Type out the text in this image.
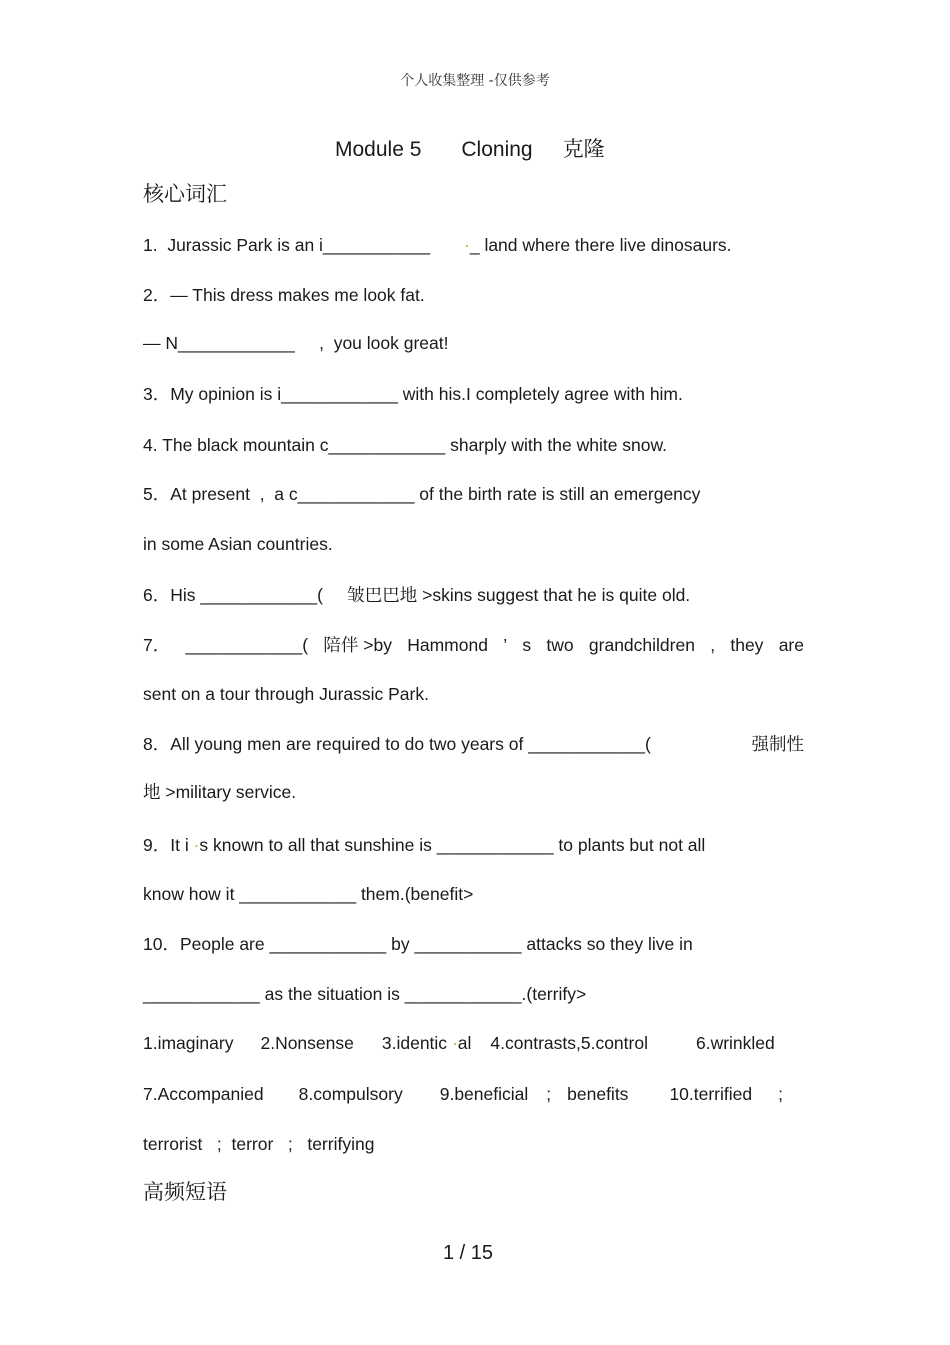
个人收集整理 -仅供参考
Module 5 Cloning 克隆
核心词汇
1.  Jurassic Park is an i___________       ·_ land where there live dinosaurs.
2．— This dress makes me look fat.
— N____________     ,  you look great!
3．My opinion is i____________ with his.I completely agree with him.
4. The black mountain c____________ sharply with the white snow.
5．At present  ,  a c____________ of the birth rate is still an emergency
in some Asian countries.
6．His ____________(     皱巴巴地 >skins suggest that he is quite old.
7． ____________( 陪伴 >by Hammond ’ s two grandchildren , they are
sent on a tour through Jurassic Park.
8．All young men are required to do two years of ____________(	强制性
地 >military service.
9．It i ·s known to all that sunshine is ____________ to plants but not all
know how it ____________ them.(benefit>
10．People are ____________ by ___________ attacks so they live in
____________ as the situation is ____________.(terrify>
1.imaginary 2.Nonsense 3.identic ·al 4.contrasts,5.control	6.wrinkled
7.Accompanied 8.compulsory 9.beneficial ; benefits 10.terrified ;
terrorist   ;  terror   ;   terrifying
高频短语
1 / 15
